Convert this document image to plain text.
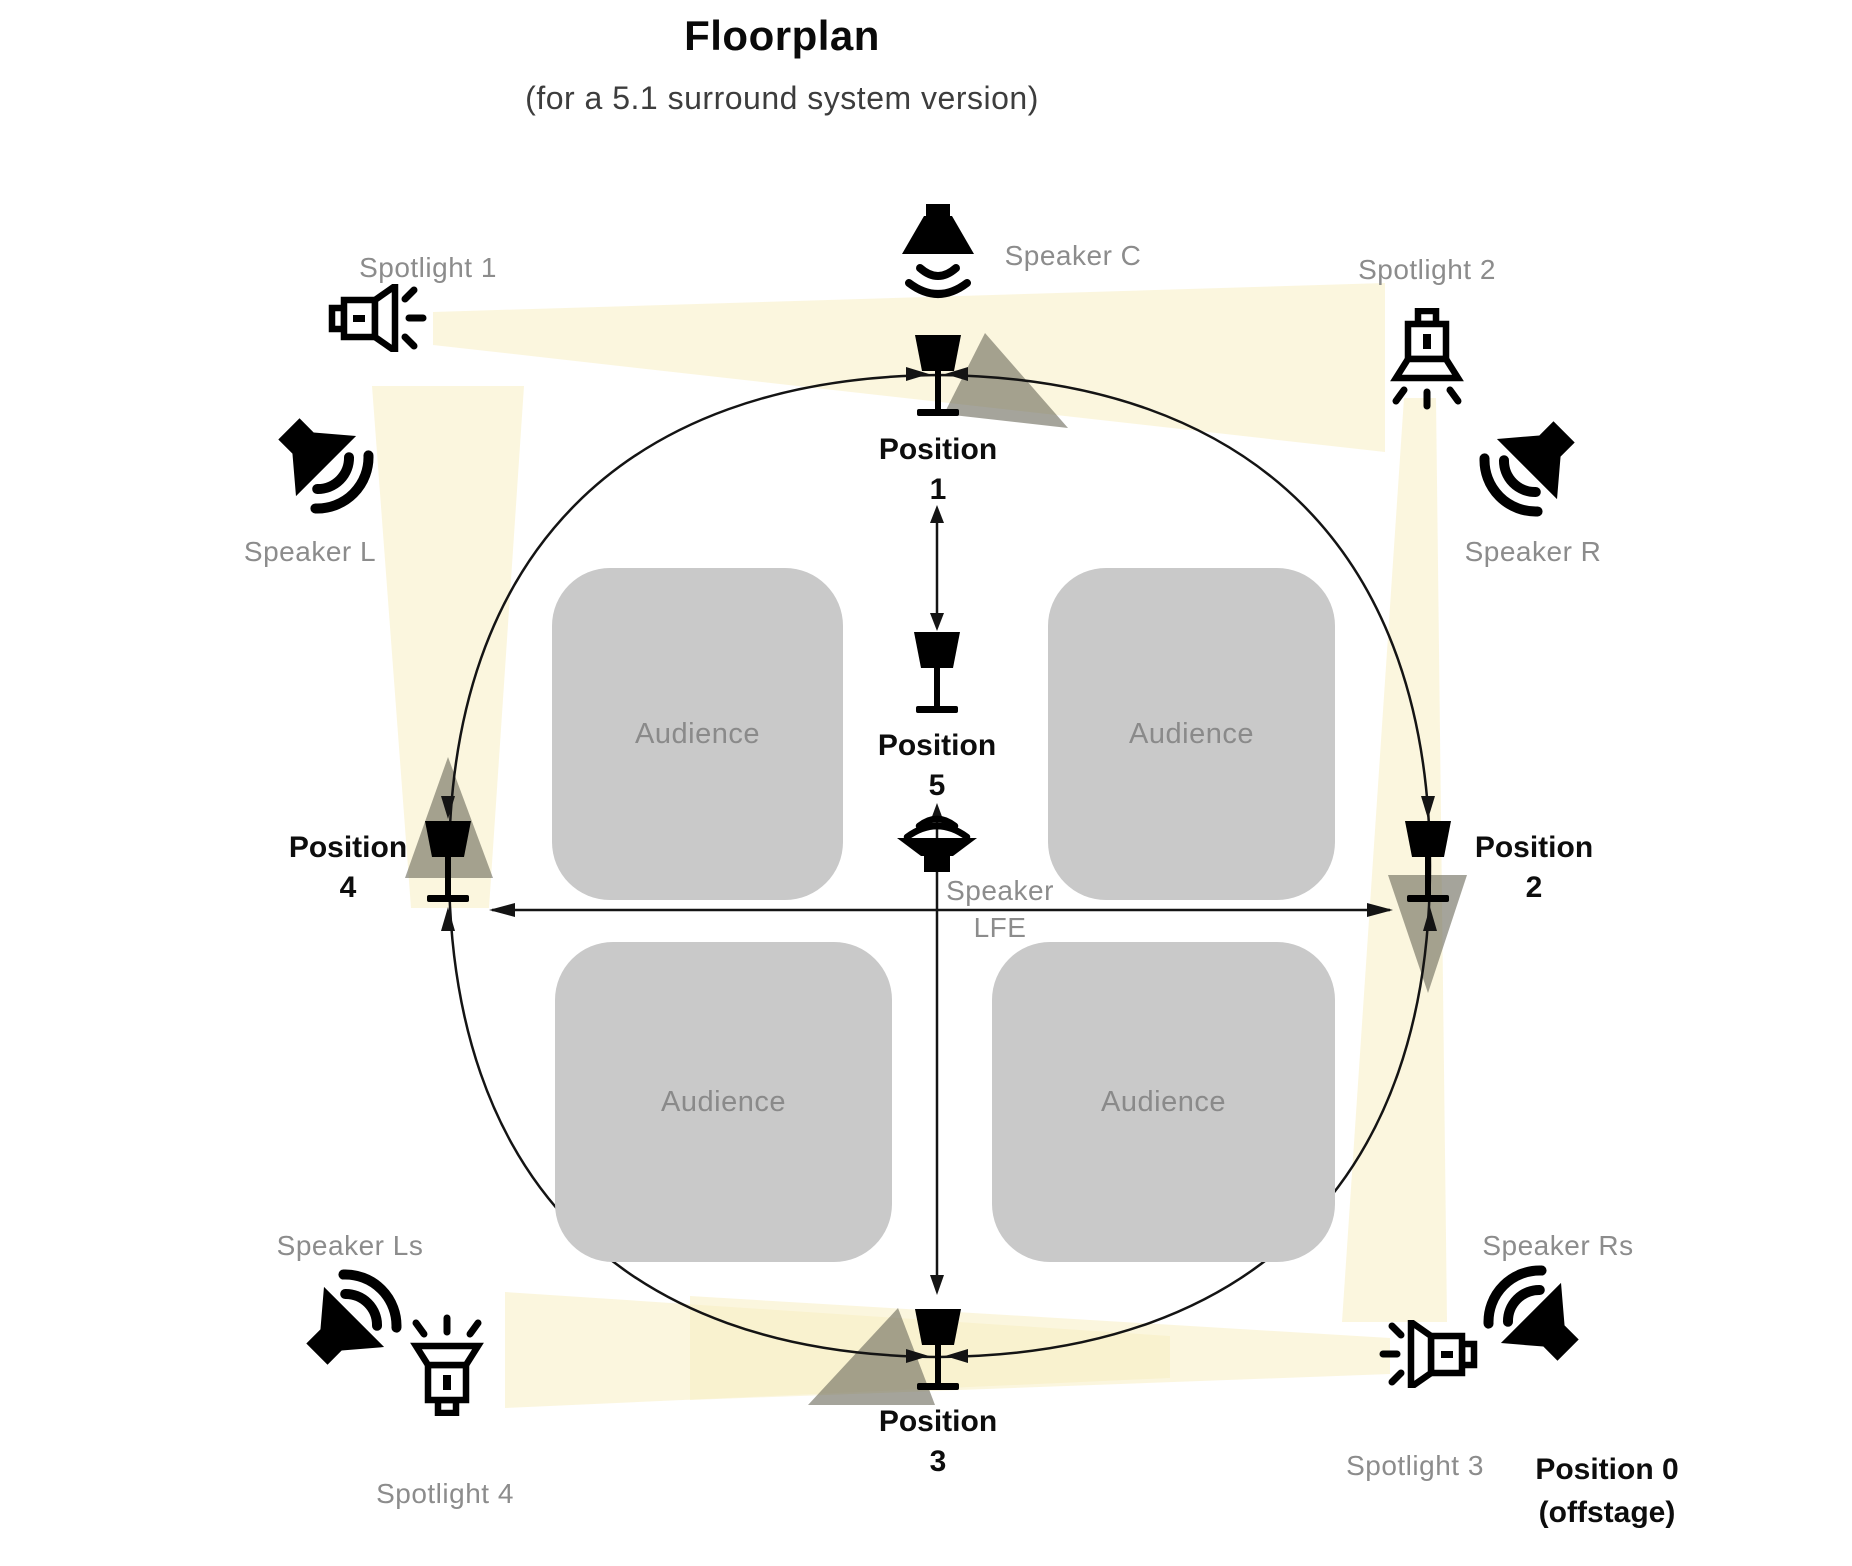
Audience	Audience
Audience	Audience
Floorplan
(for a 5.1 surround system version)
Spotlight 1	Speaker C	Spotlight 2
Speaker L	Speaker R
Speaker Ls	Speaker Rs
Spotlight 4
Spotlight 3
Speaker
LFE
Position
1
Position
2
Position
3
Position
4
Position
5
Position 0
(offstage)
